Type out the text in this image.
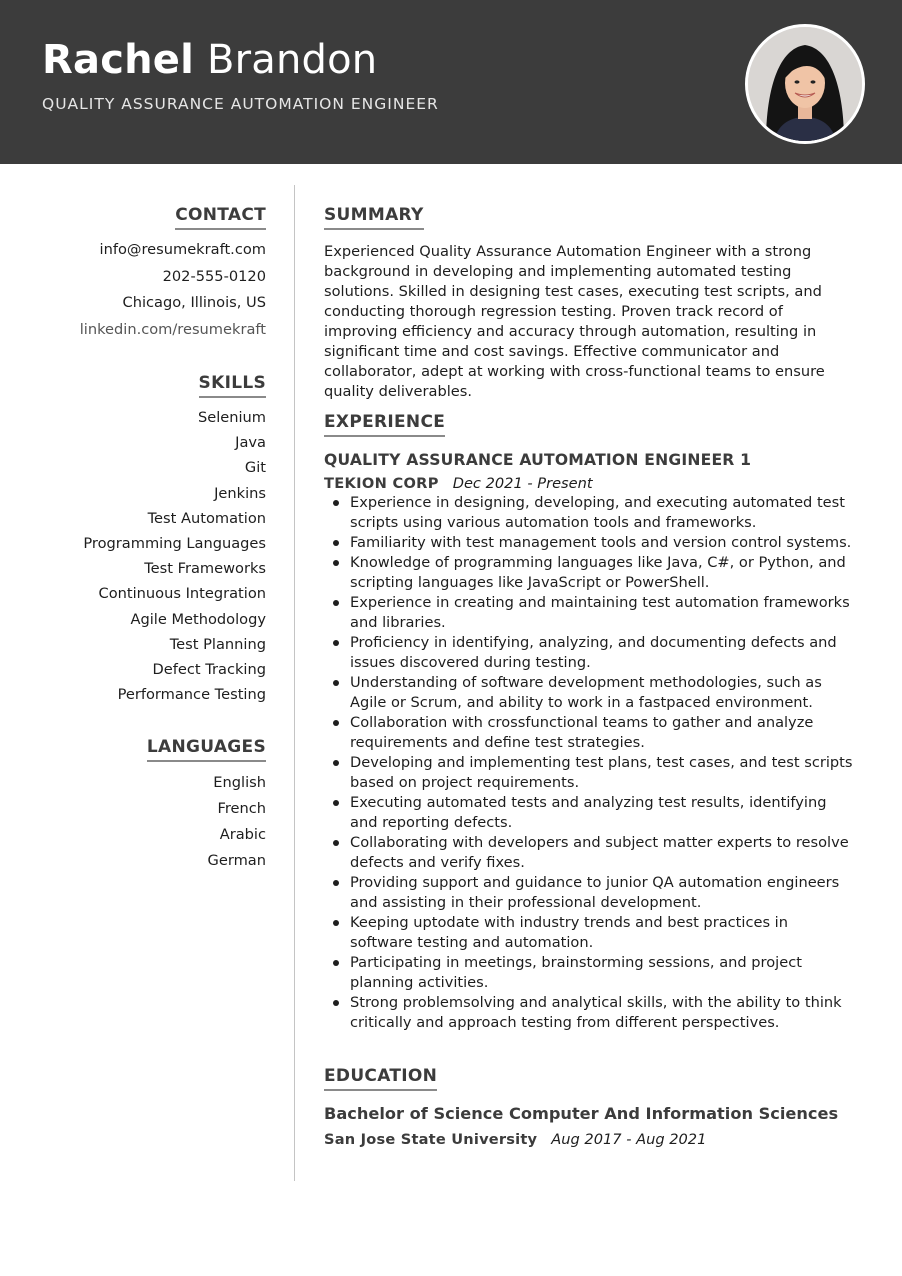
Rachel Brandon
QUALITY ASSURANCE AUTOMATION ENGINEER
CONTACT
info@resumekraft.com
202-555-0120
Chicago, Illinois, US
linkedin.com/resumekraft
SKILLS
Selenium
Java
Git
Jenkins
Test Automation
Programming Languages
Test Frameworks
Continuous Integration
Agile Methodology
Test Planning
Defect Tracking
Performance Testing
LANGUAGES
English
French
Arabic
German
SUMMARY

Experienced Quality Assurance Automation Engineer with a strong background in developing and implementing automated testing solutions. Skilled in designing test cases, executing test scripts, and conducting thorough regression testing. Proven track record of improving efficiency and accuracy through automation, resulting in significant time and cost savings. Effective communicator and collaborator, adept at working with cross-functional teams to ensure quality deliverables.

EXPERIENCE
QUALITY ASSURANCE AUTOMATION ENGINEER 1
TEKION CORP Dec 2021 - Present
Experience in designing, developing, and executing automated test scripts using various automation tools and frameworks.
Familiarity with test management tools and version control systems.
Knowledge of programming languages like Java, C#, or Python, and scripting languages like JavaScript or PowerShell.
Experience in creating and maintaining test automation frameworks and libraries.
Proficiency in identifying, analyzing, and documenting defects and issues discovered during testing.
Understanding of software development methodologies, such as Agile or Scrum, and ability to work in a fastpaced environment.
Collaboration with crossfunctional teams to gather and analyze requirements and define test strategies.
Developing and implementing test plans, test cases, and test scripts based on project requirements.
Executing automated tests and analyzing test results, identifying and reporting defects.
Collaborating with developers and subject matter experts to resolve defects and verify fixes.
Providing support and guidance to junior QA automation engineers and assisting in their professional development.
Keeping uptodate with industry trends and best practices in software testing and automation.
Participating in meetings, brainstorming sessions, and project planning activities.
Strong problemsolving and analytical skills, with the ability to think critically and approach testing from different perspectives.
EDUCATION
Bachelor of Science Computer And Information Sciences
San Jose State University Aug 2017 - Aug 2021
